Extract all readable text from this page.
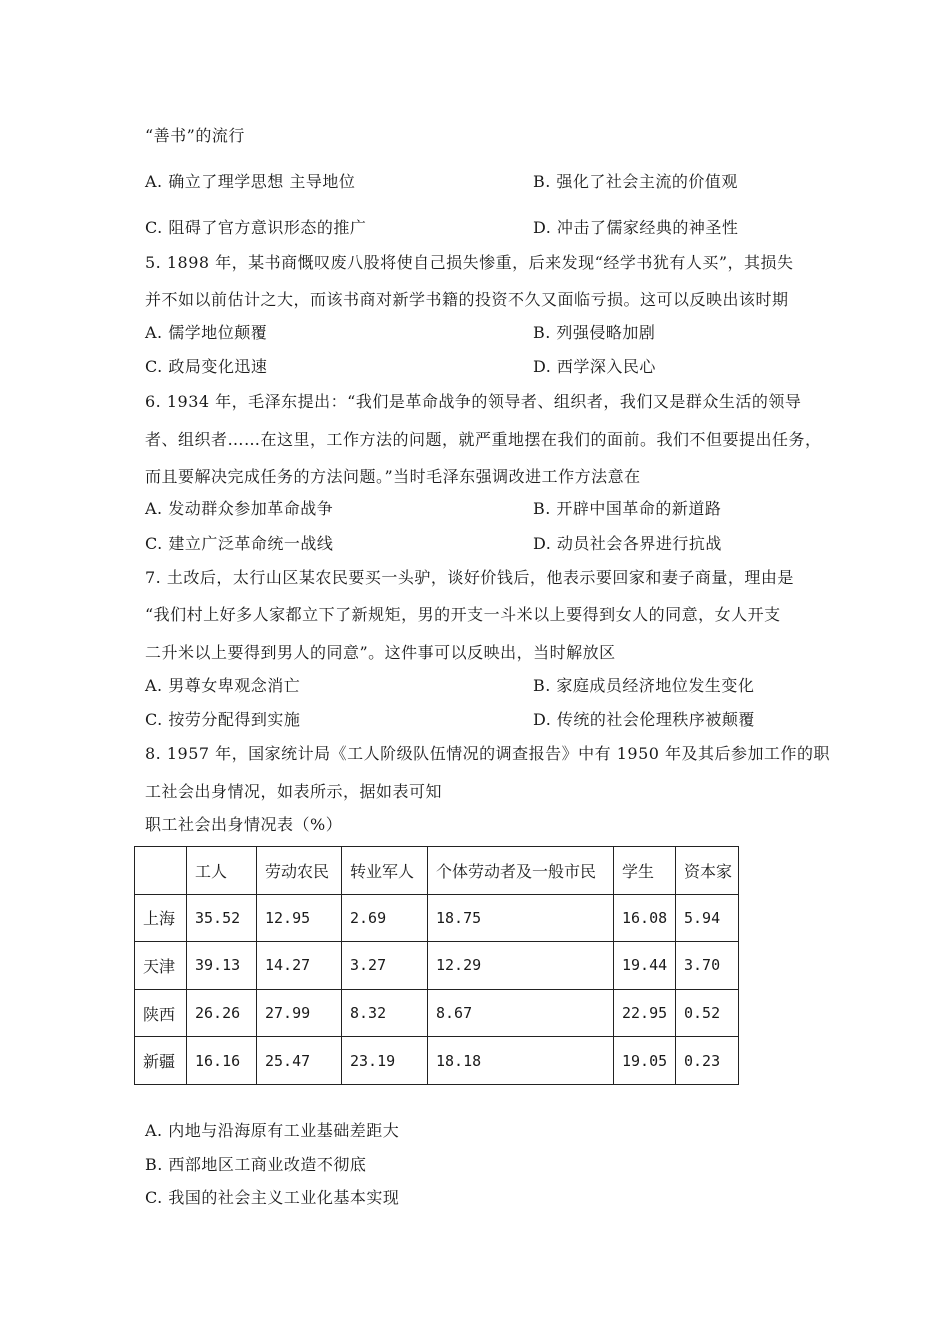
“善书”的流行
A. 确立了理学思想 主导地位	B. 强化了社会主流的价值观
C. 阻碍了官方意识形态的推广	D. 冲击了儒家经典的神圣性
5. 1898 年，某书商慨叹废八股将使自己损失惨重，后来发现“经学书犹有人买”，其损失
并不如以前估计之大，而该书商对新学书籍的投资不久又面临亏损。这可以反映出该时期
A. 儒学地位颠覆	B. 列强侵略加剧
C. 政局变化迅速	D. 西学深入民心
6. 1934 年，毛泽东提出：“我们是革命战争的领导者、组织者，我们又是群众生活的领导
者、组织者……在这里，工作方法的问题，就严重地摆在我们的面前。我们不但要提出任务，
而且要解决完成任务的方法问题。”当时毛泽东强调改进工作方法意在
A. 发动群众参加革命战争	B. 开辟中国革命的新道路
C. 建立广泛革命统一战线	D. 动员社会各界进行抗战
7. 土改后，太行山区某农民要买一头驴，谈好价钱后，他表示要回家和妻子商量，理由是
“我们村上好多人家都立下了新规矩，男的开支一斗米以上要得到女人的同意，女人开支
二升米以上要得到男人的同意”。这件事可以反映出，当时解放区
A. 男尊女卑观念消亡	B. 家庭成员经济地位发生变化
C. 按劳分配得到实施	D. 传统的社会伦理秩序被颠覆
8. 1957 年，国家统计局《工人阶级队伍情况的调查报告》中有 1950 年及其后参加工作的职
工社会出身情况，如表所示，据如表可知
职工社会出身情况表（%）
	工人	劳动农民	转业军人	个体劳动者及一般市民	学生	资本家
上海	35.52	12.95	2.69	18.75	16.08	5.94
天津	39.13	14.27	3.27	12.29	19.44	3.70
陕西	26.26	27.99	8.32	8.67	22.95	0.52
新疆	16.16	25.47	23.19	18.18	19.05	0.23
A. 内地与沿海原有工业基础差距大
B. 西部地区工商业改造不彻底
C. 我国的社会主义工业化基本实现
